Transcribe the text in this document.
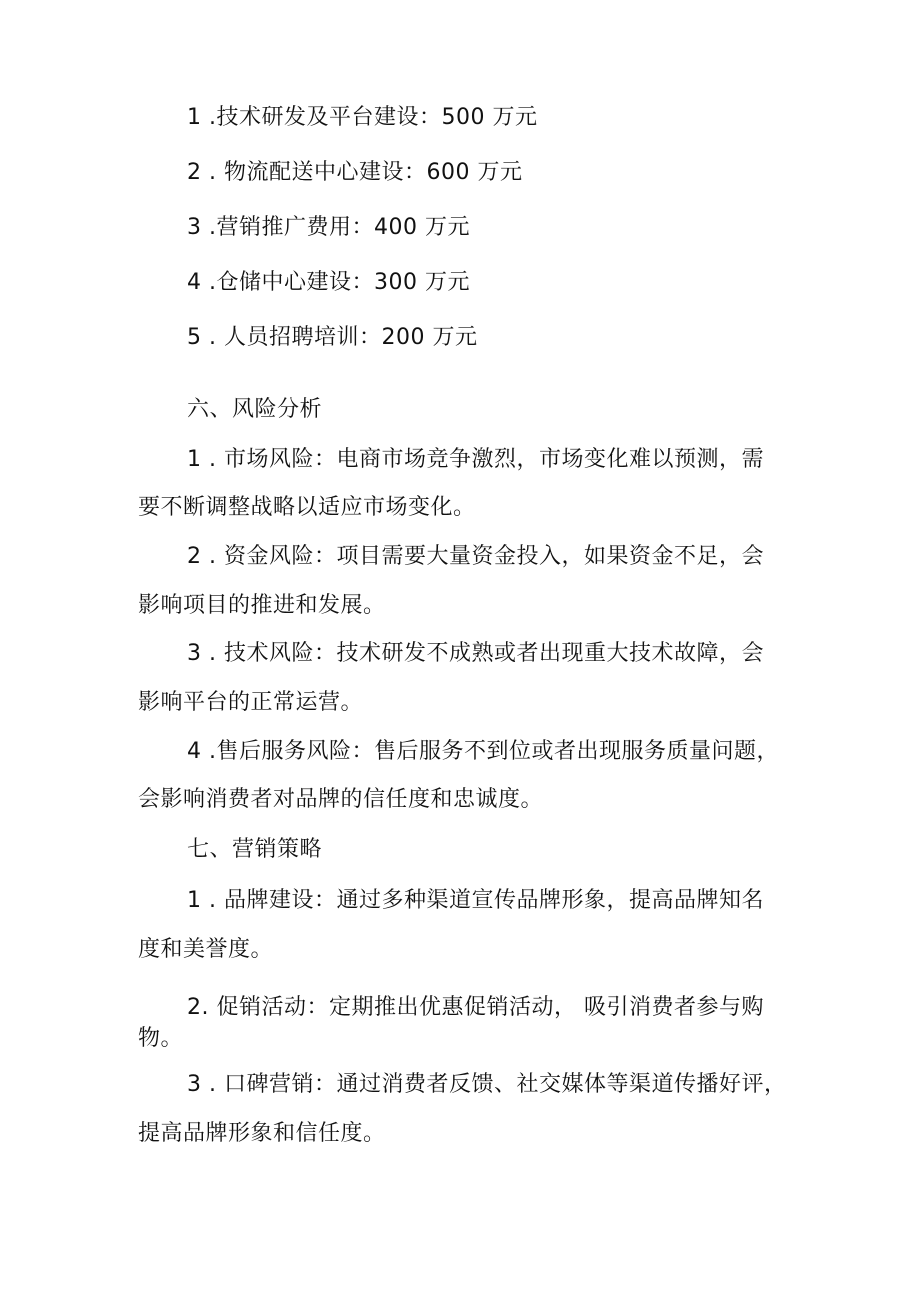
1 .技术研发及平台建设：500 万元
2 . 物流配送中心建设：600 万元
3 .营销推广费用：400 万元
4 .仓储中心建设：300 万元
5 . 人员招聘培训：200 万元
六、风险分析
1 . 市场风险：电商市场竞争激烈，市场变化难以预测，需
要不断调整战略以适应市场变化。
2 . 资金风险：项目需要大量资金投入，如果资金不足，会
影响项目的推进和发展。
3 . 技术风险：技术研发不成熟或者出现重大技术故障，会
影响平台的正常运营。
4 .售后服务风险：售后服务不到位或者出现服务质量问题，
会影响消费者对品牌的信任度和忠诚度。
七、营销策略
1 . 品牌建设：通过多种渠道宣传品牌形象，提高品牌知名
度和美誉度。
2. 促销活动：定期推出优惠促销活动， 吸引消费者参与购
物。
3 . 口碑营销：通过消费者反馈、社交媒体等渠道传播好评，
提高品牌形象和信任度。
